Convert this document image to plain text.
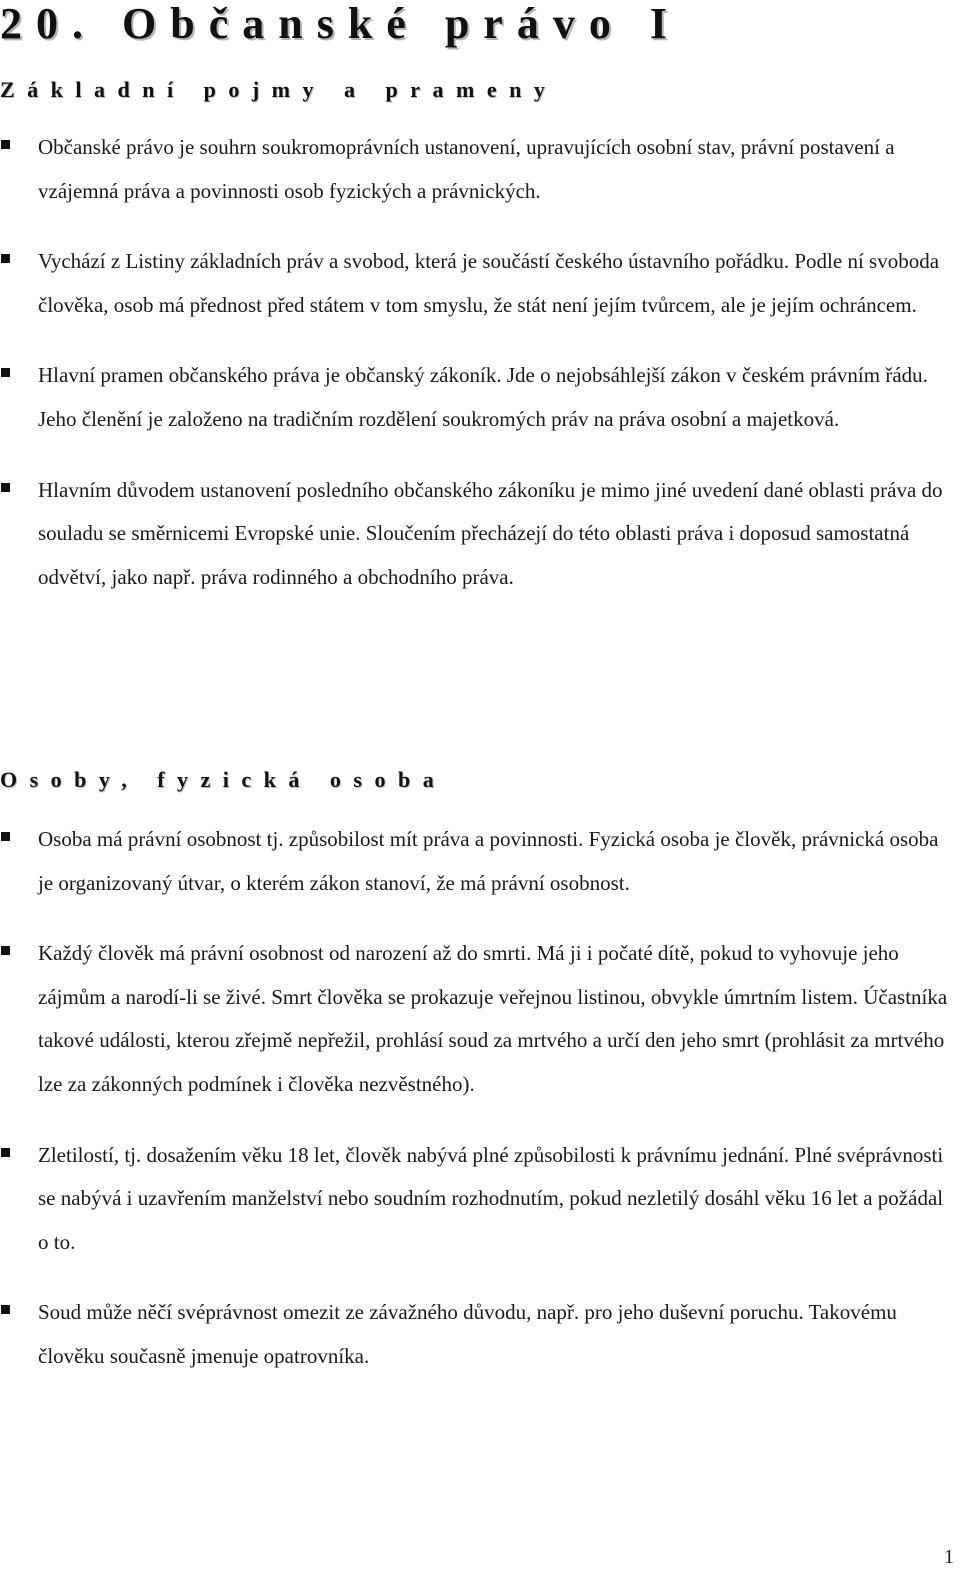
20. Občanské právo I
Základní pojmy a prameny
Občanské právo je souhrn soukromoprávních ustanovení, upravujících osobní stav, právní postavení a vzájemná práva a povinnosti osob fyzických a právnických.
Vychází z Listiny základních práv a svobod, která je součástí českého ústavního pořádku. Podle ní svoboda člověka, osob má přednost před státem v tom smyslu, že stát není jejím tvůrcem, ale je jejím ochráncem.
Hlavní pramen občanského práva je občanský zákoník. Jde o nejobsáhlejší zákon v českém právním řádu. Jeho členění je založeno na tradičním rozdělení soukromých práv na práva osobní a majetková.
Hlavním důvodem ustanovení posledního občanského zákoníku je mimo jiné uvedení dané oblasti práva do souladu se směrnicemi Evropské unie. Sloučením přecházejí do této oblasti práva i doposud samostatná odvětví, jako např. práva rodinného a obchodního práva.
Osoby, fyzická osoba
Osoba má právní osobnost tj. způsobilost mít práva a povinnosti. Fyzická osoba je člověk, právnická osoba je organizovaný útvar, o kterém zákon stanoví, že má právní osobnost.
Každý člověk má právní osobnost od narození až do smrti. Má ji i počaté dítě, pokud to vyhovuje jeho zájmům a narodí-li se živé. Smrt člověka se prokazuje veřejnou listinou, obvykle úmrtním listem. Účastníka takové události, kterou zřejmě nepřežil, prohlásí soud za mrtvého a určí den jeho smrt (prohlásit za mrtvého lze za zákonných podmínek i člověka nezvěstného).
Zletilostí, tj. dosažením věku 18 let, člověk nabývá plné způsobilosti k právnímu jednání. Plné svéprávnosti se nabývá i uzavřením manželství nebo soudním rozhodnutím, pokud nezletilý dosáhl věku 16 let a požádal o to.
Soud může něčí svéprávnost omezit ze závažného důvodu, např. pro jeho duševní poruchu. Takovému člověku současně jmenuje opatrovníka.
1
